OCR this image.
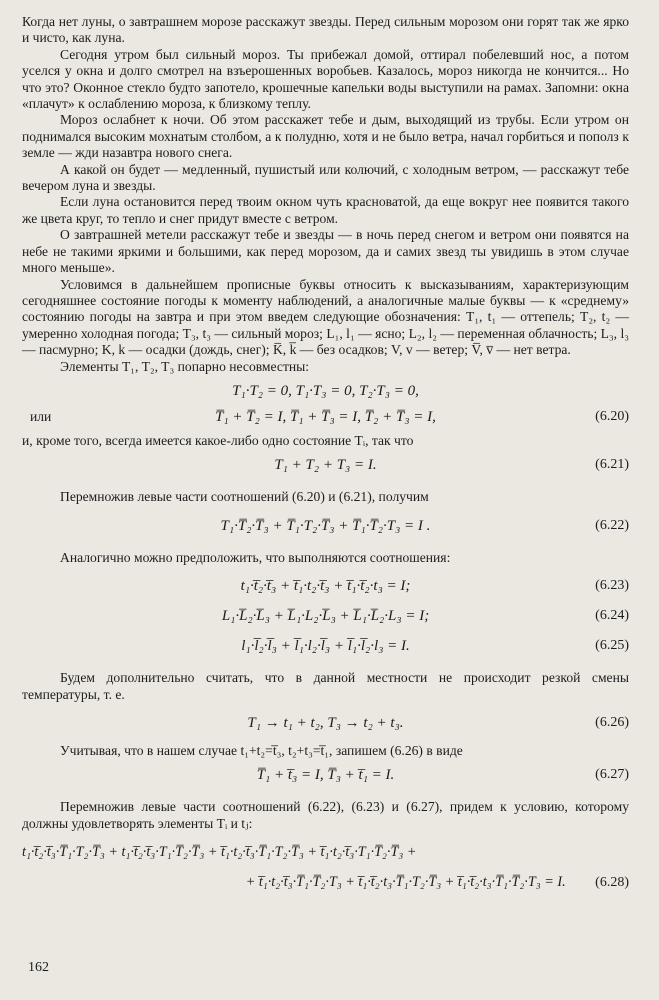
Когда нет луны, о завтрашнем морозе расскажут звезды. Перед сильным морозом они горят так же ярко и чисто, как луна.

Сегодня утром был сильный мороз. Ты прибежал домой, оттирал побелевший нос, а потом уселся у окна и долго смотрел на взъерошенных воробьев. Казалось, мороз никогда не кончится... Но что это? Оконное стекло будто запотело, крошечные капельки воды выступили на рамах. Запомни: окна «плачут» к ослаблению мороза, к близкому теплу.

Мороз ослабнет к ночи. Об этом расскажет тебе и дым, выходящий из трубы. Если утром он поднимался высоким мохнатым столбом, а к полудню, хотя и не было ветра, начал горбиться и пополз к земле — жди назавтра нового снега.

А какой он будет — медленный, пушистый или колючий, с холодным ветром, — расскажут тебе вечером луна и звезды.

Если луна остановится перед твоим окном чуть красноватой, да еще вокруг нее появится такого же цвета круг, то тепло и снег придут вместе с ветром.

О завтрашней метели расскажут тебе и звезды — в ночь перед снегом и ветром они появятся на небе не такими яркими и большими, как перед морозом, да и самих звезд ты увидишь в этом случае много меньше».

Условимся в дальнейшем прописные буквы относить к высказываниям, характеризующим сегодняшнее состояние погоды к моменту наблюдений, а аналогичные малые буквы — к «среднему» состоянию погоды на завтра и при этом введем следующие обозначения: T₁, t₁ — оттепель; T₂, t₂ — умеренно холодная погода; T₃, t₃ — сильный мороз; L₁, l₁ — ясно; L₂, l₂ — переменная облачность; L₃, l₃ — пасмурно; K, k — осадки (дождь, снег); K̅, k̅ — без осадков; V, v — ветер; V̅, v̅ — нет ветра.

Элементы T₁, T₂, T₃ попарно несовместны:

T₁·T₂ = 0, T₁·T₃ = 0, T₂·T₃ = 0,
или	T̅₁ + T̅₂ = I, T̅₁ + T̅₃ = I, T̅₂ + T̅₃ = I,	(6.20)

и, кроме того, всегда имеется какое-либо одно состояние Tᵢ, так что

T₁ + T₂ + T₃ = I.	(6.21)

Перемножив левые части соотношений (6.20) и (6.21), получим

T₁·T̅₂·T̅₃ + T̅₁·T₂·T̅₃ + T̅₁·T̅₂·T₃ = I .	(6.22)

Аналогично можно предположить, что выполняются соотношения:

t₁·t̅₂·t̅₃ + t̅₁·t₂·t̅₃ + t̅₁·t̅₂·t₃ = I;	(6.23)
L₁·L̅₂·L̅₃ + L̅₁·L₂·L̅₃ + L̅₁·L̅₂·L₃ = I;	(6.24)
l₁·l̅₂·l̅₃ + l̅₁·l₂·l̅₃ + l̅₁·l̅₂·l₃ = I.	(6.25)

Будем дополнительно считать, что в данной местности не происходит резкой смены температуры, т. е.

T₁ → t₁ + t₂, T₃ → t₂ + t₃.	(6.26)

Учитывая, что в нашем случае t₁+t₂=t̅₃, t₂+t₃=t̅₁, запишем (6.26) в виде

T̅₁ + t̅₃ = I, T̅₃ + t̅₁ = I.	(6.27)

Перемножив левые части соотношений (6.22), (6.23) и (6.27), придем к условию, которому должны удовлетворять элементы Tᵢ и tⱼ:

t₁·t̅₂·t̅₃·T̅₁·T₂·T̅₃ + t₁·t̅₂·t̅₃·T₁·T̅₂·T̅₃ + t̅₁·t₂·t̅₃·T̅₁·T₂·T̅₃ + t̅₁·t₂·t̅₃·T₁·T̅₂·T̅₃ +
+ t̅₁·t₂·t̅₃·T̅₁·T̅₂·T₃ + t̅₁·t̅₂·t₃·T̅₁·T₂·T̅₃ + t̅₁·t̅₂·t₃·T̅₁·T̅₂·T₃ = I. (6.28)
162
